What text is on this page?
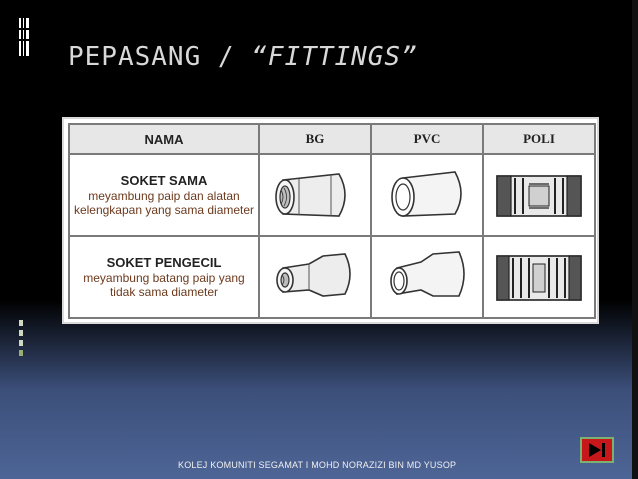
PEPASANG / “FITTINGS”
NAMA	BG	PVC	POLI

SOKET SAMA
meyambung paip dan alatan kelengkapan yang sama diameter	

SOKET PENGECIL
meyambung batang paip yang tidak sama diameter	

KOLEJ KOMUNITI SEGAMAT I MOHD NORAZIZI BIN MD YUSOP
